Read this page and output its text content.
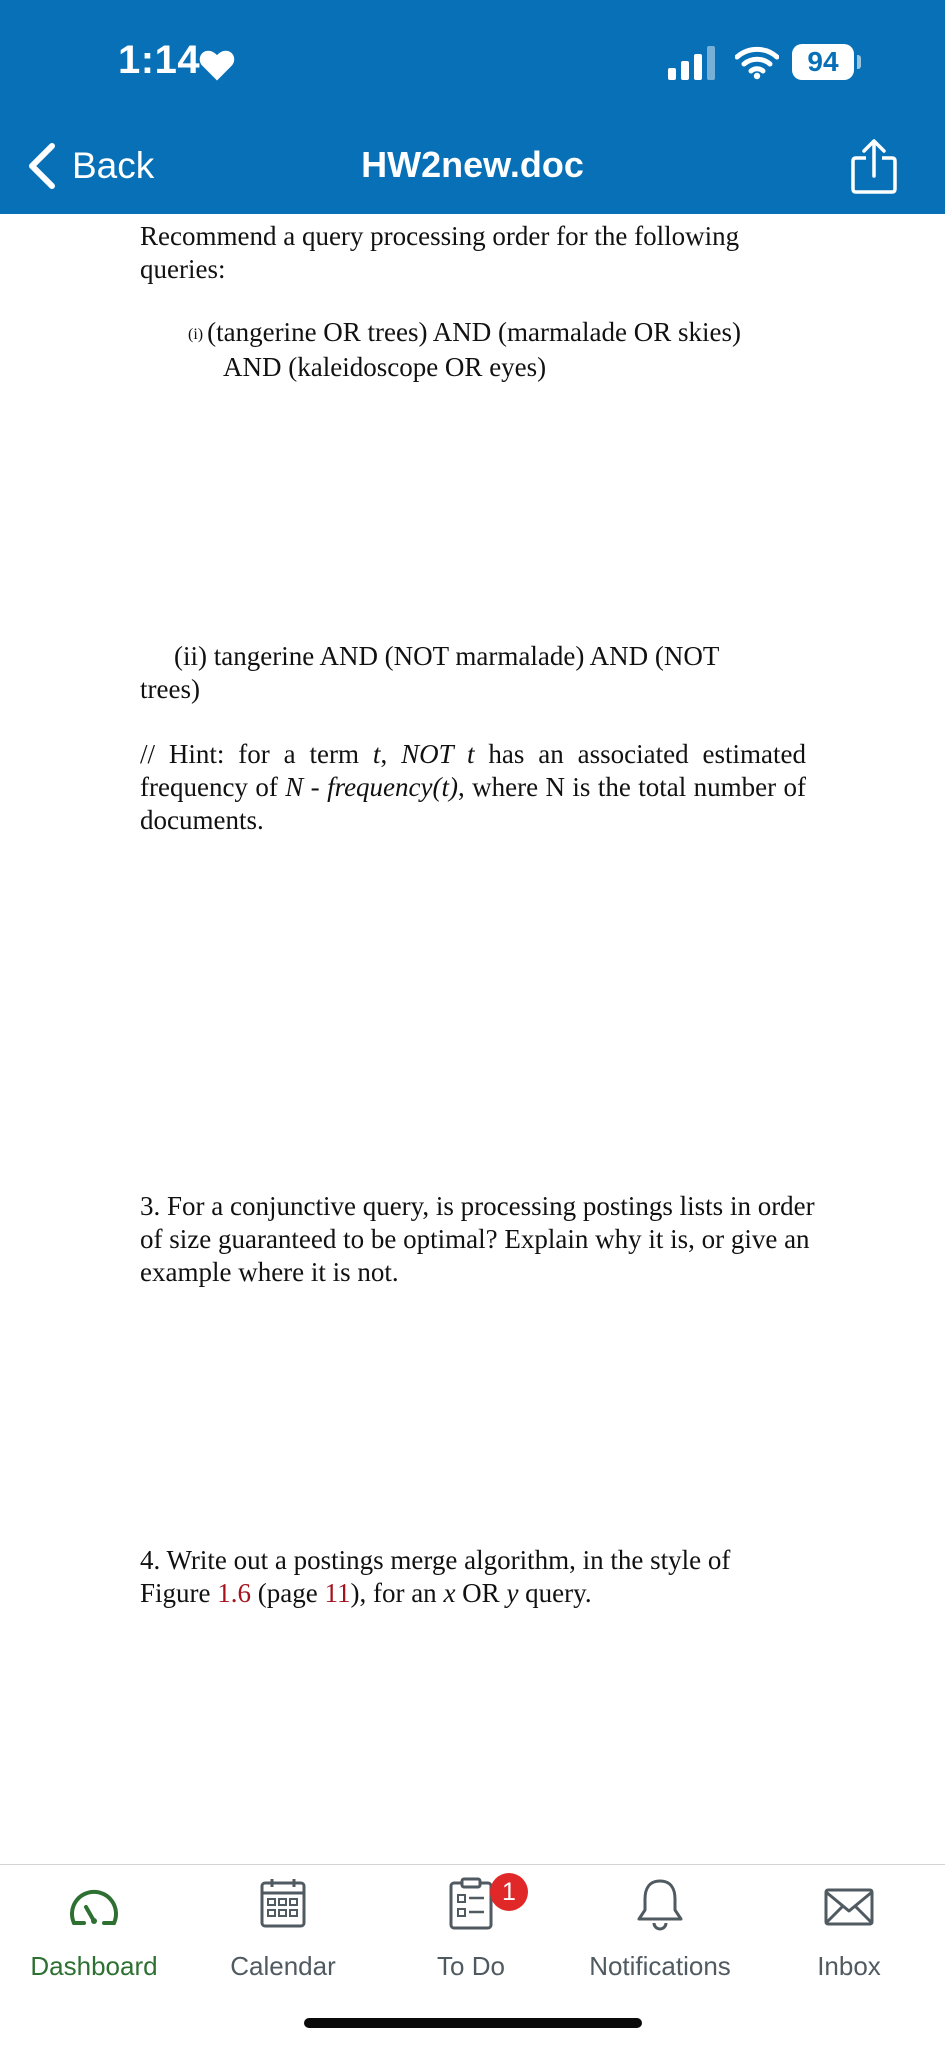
1:14	94
Back	HW2new.doc

Recommend a query processing order for the following queries:

(i) (tangerine OR trees) AND (marmalade OR skies)
AND (kaleidoscope OR eyes)

(ii) tangerine AND (NOT marmalade) AND (NOT
trees)

// Hint: for a term t, NOT t has an associated estimated frequency of N - frequency(t), where N is the total number of documents.

3. For a conjunctive query, is processing postings lists in order of size guaranteed to be optimal? Explain why it is, or give an example where it is not.

4. Write out a postings merge algorithm, in the style of Figure 1.6 (page 11), for an x OR y query.

Dashboard	Calendar	To Do
1
Notifications	Inbox
